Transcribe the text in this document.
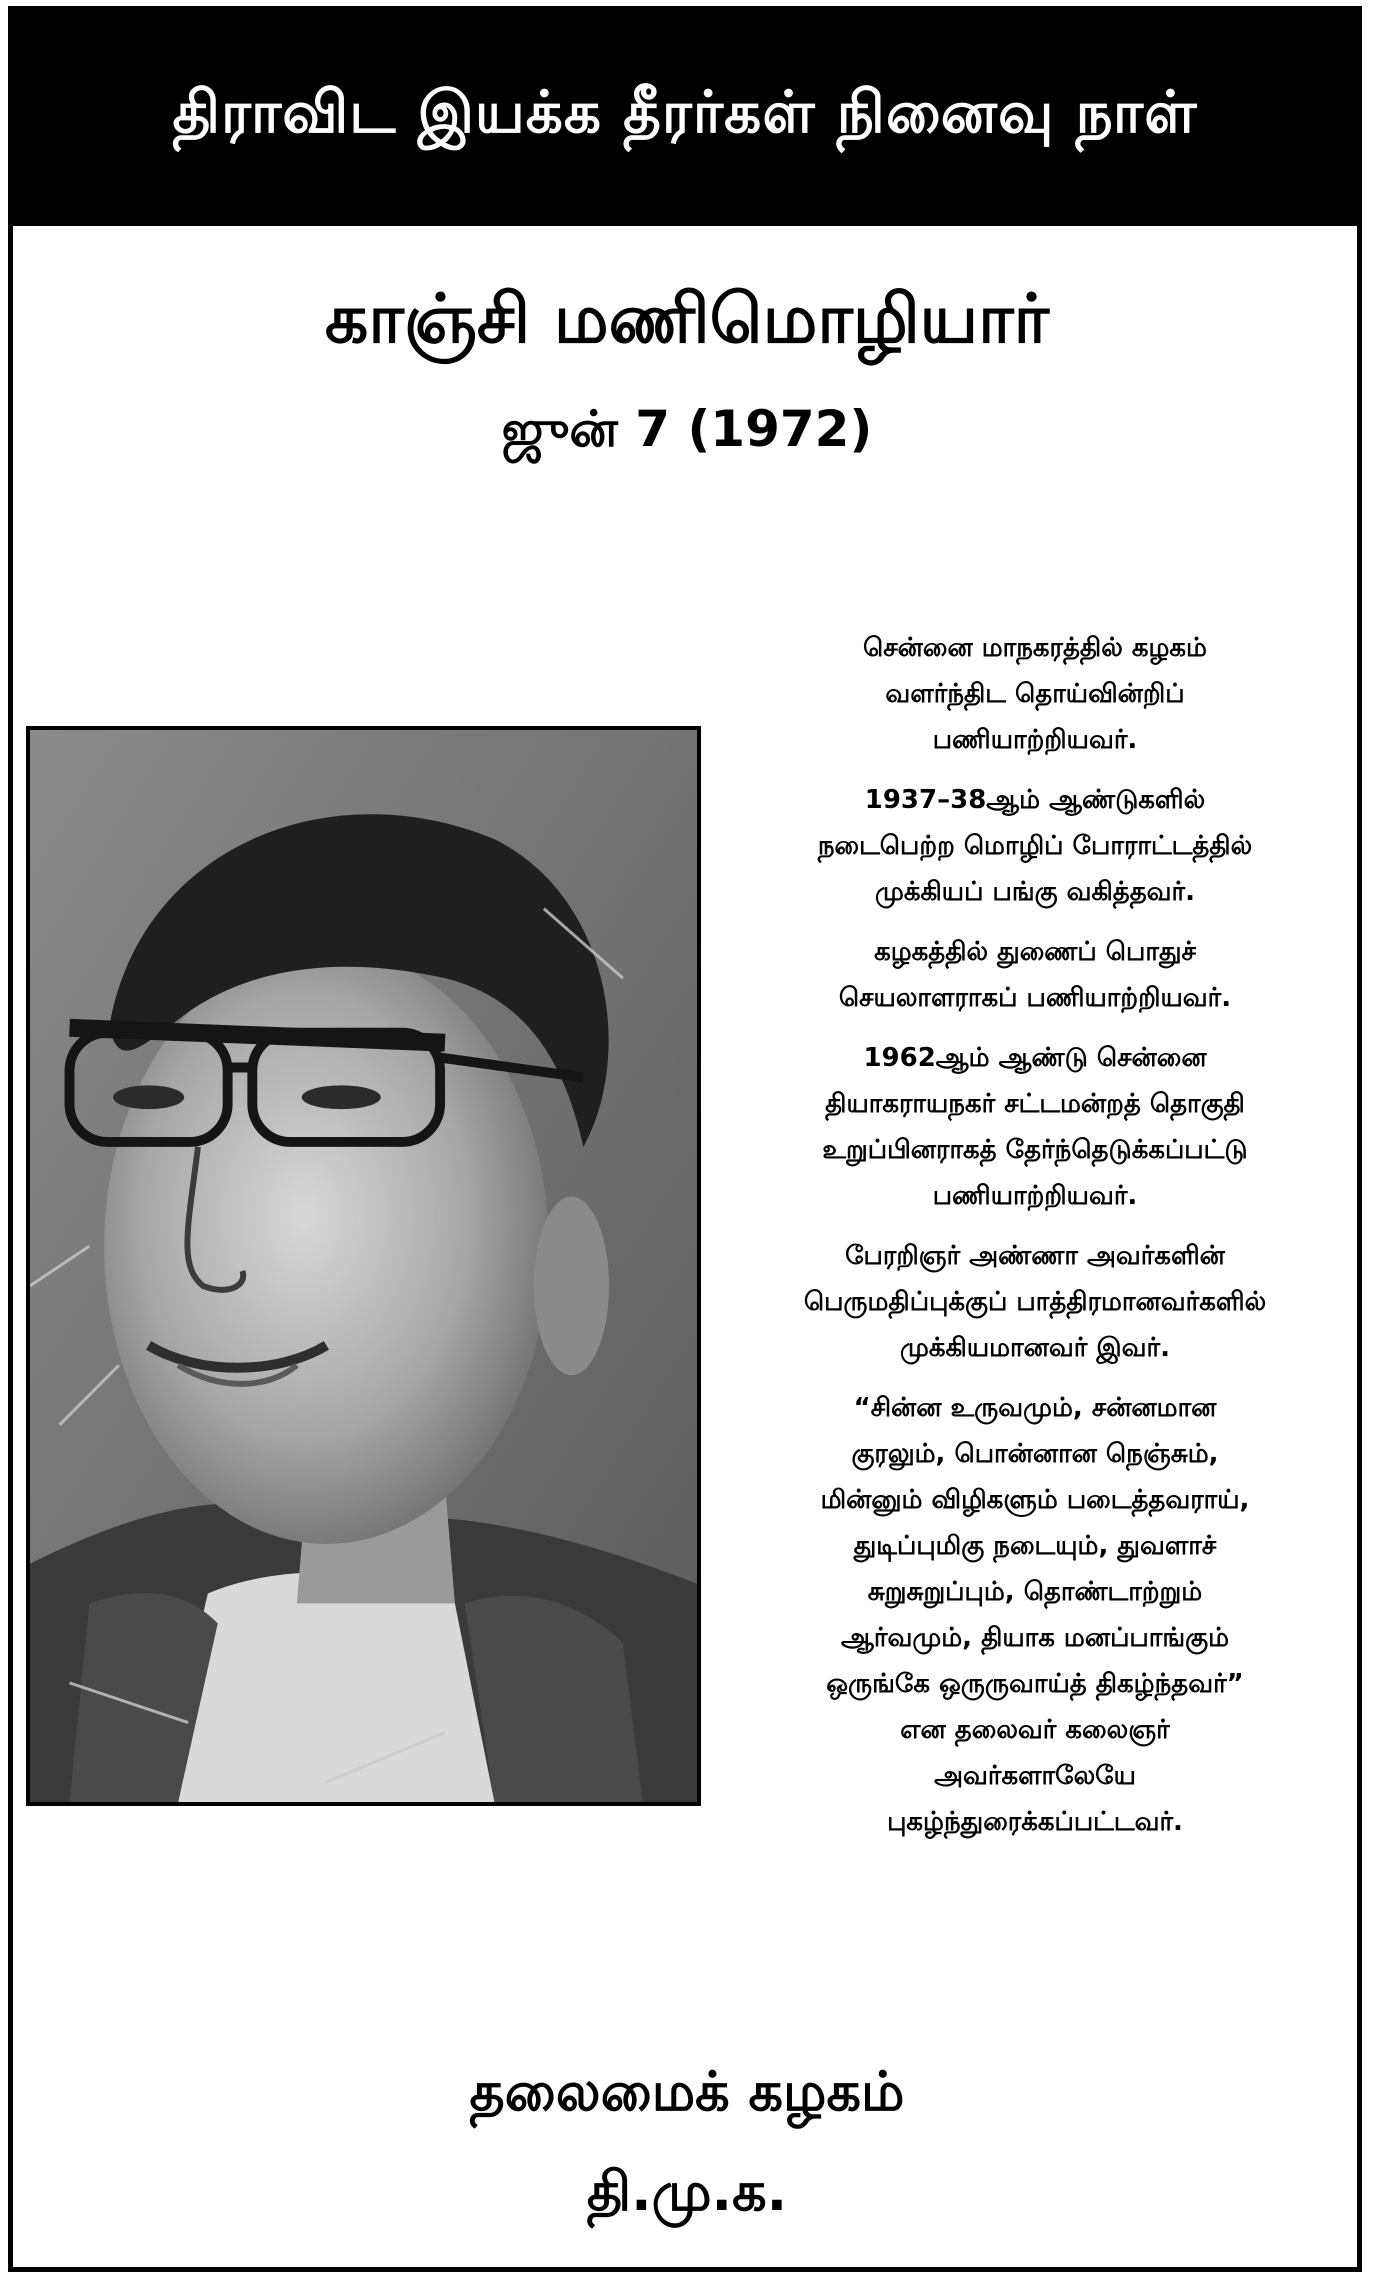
திராவிட இயக்க தீரர்கள் நினைவு நாள்
காஞ்சி மணிமொழியார்
ஜுன் 7 (1972)

சென்னை மாநகரத்தில் கழகம்
வளர்ந்திட தொய்வின்றிப்
பணியாற்றியவர்.

1937–38ஆம் ஆண்டுகளில்
நடைபெற்ற மொழிப் போராட்டத்தில்
முக்கியப் பங்கு வகித்தவர்.

கழகத்தில் துணைப் பொதுச்
செயலாளராகப் பணியாற்றியவர்.

1962ஆம் ஆண்டு சென்னை
தியாகராயநகர் சட்டமன்றத் தொகுதி
உறுப்பினராகத் தேர்ந்தெடுக்கப்பட்டு
பணியாற்றியவர்.

பேரறிஞர் அண்ணா அவர்களின்
பெருமதிப்புக்குப் பாத்திரமானவர்களில்
முக்கியமானவர் இவர்.

“சின்ன உருவமும், சன்னமான
குரலும், பொன்னான நெஞ்சும்,
மின்னும் விழிகளும் படைத்தவராய்,
துடிப்புமிகு நடையும், துவளாச்
சுறுசுறுப்பும், தொண்டாற்றும்
ஆர்வமும், தியாக மனப்பாங்கும்
ஒருங்கே ஒருருவாய்த் திகழ்ந்தவர்”
என தலைவர் கலைஞர்
அவர்களாலேயே
புகழ்ந்துரைக்கப்பட்டவர்.

தலைமைக் கழகம்
தி.மு.க.
